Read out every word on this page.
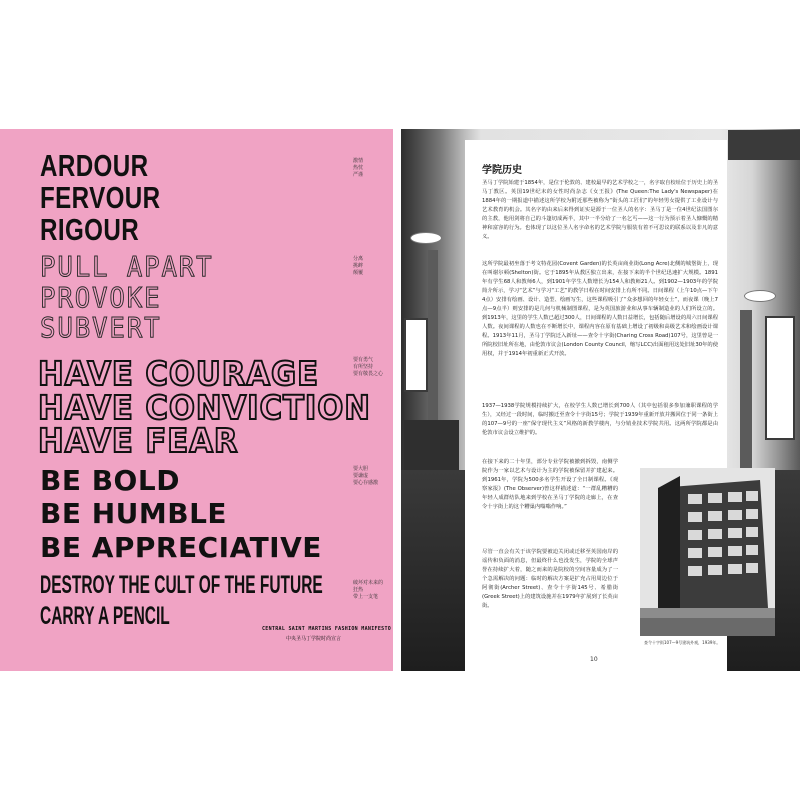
ARDOUR
FERVOUR
RIGOUR
PULL APART
PROVOKE
SUBVERT
HAVE COURAGE
HAVE CONVICTION
HAVE FEAR
BE BOLD
BE HUMBLE
BE APPRECIATIVE
DESTROY THE CULT OF THE FUTURE
CARRY A PENCIL
激情
热忱
严谨
分离
挑衅
颠覆
要有勇气
有所坚持
要有敬畏之心
要大胆
要谦虚
要心存感激
破坏对未来的狂热
带上一支笔
CENTRAL SAINT MARTINS FASHION MANIFESTO
中央圣马丁学院时尚宣言
学院历史
圣马丁学院始建于1854年，是位于伦敦的、建校最早的艺术学校之一，名字取自校址位于历史上的圣马丁教区。英国19世纪末的女性时尚杂志《女王报》(The Queen:The Lady's Newspaper)在1884年的一期报道中描述这所学校为附近那些被称为“街头的工匠们”的年轻男女提供了工业设计与艺术教育的机会。其名字的由来后来得到证实是源于一位圣人的名字：圣马丁是一位4世纪法国图尔的主教，他用剑将自己的斗篷切成两半，其中一半分给了一名乞丐——这一行为预示着圣人慷慨的精神和富容的行为。也体现了以这位圣人名字命名的艺术学院与服装有着不可思议的联系以及非凡的意义。
这所学院最初坐落于考文特花园(Covent Garden)的长英亩商业街(Long Acre)北侧的城堡街上，现在叫谢尔顿(Shelton)街。它于1895年从教区独立出来，在接下来的半个世纪迅速扩大规模。1891年有学生68人和教师6人，到1901年学生人数增长为154人和教师21人。到1902—1903年的学院简介所示，学习“艺术”与学习“工艺”的教学日程在时间安排上有所不同。日间课程（上午10点—下午4点）安排有绘画、设计、造型、绘画写生，这些课程吸引了“众多想回的年轻女士”，而夜课（晚上7点—9点半）则安排的是几何与机械制图课程，是为英国旅游业和从事车辆制造业的人们所设立的。到1913年，这里的学生人数已超过300人，日间课程的人数日益增长，包括随后增设的周六日间课程人数。夜间课程的人数也在不断增长中，课程内容在原有基础上增设了初级和高级艺术和绘画设计课程。1913年11月，圣马丁学院迁入新址——查令十字街(Charing Cross Road)107号，这里曾是一所院校旧址所在地，由伦敦市议会(London County Council，缩写LCC)出面租用这处旧址30年的使用权，并于1914年初重新正式开放。
1937—1938学院规模持续扩大，在校学生人数已增长到700人（其中包括很多参加兼职课程的学生），又经过一段时间，临时搬迁至查令十字街15号；学院于1939年重新开放并搬回位于同一条街上的107—9号的一座“保守现代主义”风格的新教学楼内，与分销业技术学院共用。这两所学院都是由伦敦市议会设立维护的。
在接下来的二十年里，部分专业学院被撤到拆毁，南侧学院作为一家以艺术与设计为主的学院被保留并扩建起来。到1961年，学院为500多名学生开设了全日制课程。《观察家报》(The Observer)曾这样描述道：“一群乱糟糟的年轻人成群结队地来到学校在圣马丁学院的走廊上，在查令十字街上的这个糟巢内嗡嗡作响。”
尽管一直会有关于该学院要被迫关闭或迁移至英国南岸的谣传和负面的消息，但最终什么也没发生，学院的全球声誉在持续扩大着，随之而来的是院校的空间容量成为了一个急需解决的问题：临时的解决方案是扩充占用周边位于阿彻街(Archer Street)、查令十字街145号、希腊街(Greek Street)上的建筑设施并在1979年扩展到了长英亩街。
查令十字街107—9号建筑外观，1939年。
10
